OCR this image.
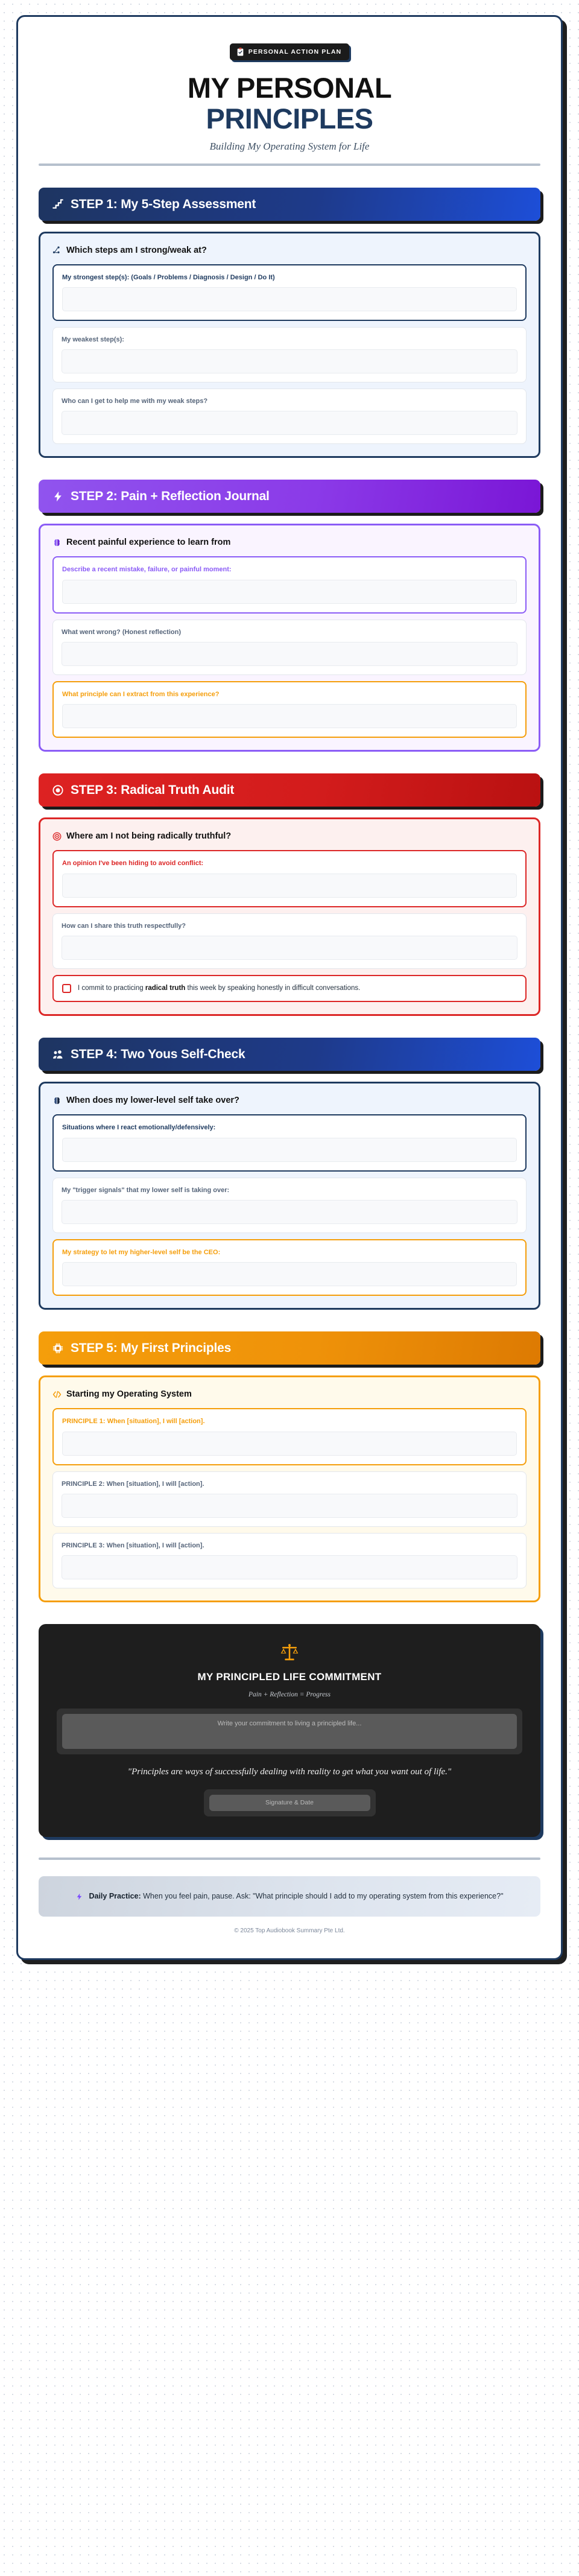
PERSONAL ACTION PLAN
MY PERSONAL
PRINCIPLES
Building My Operating System for Life
STEP 1: My 5-Step Assessment
Which steps am I strong/weak at?
My strongest step(s): (Goals / Problems / Diagnosis / Design / Do It)
My weakest step(s):
Who can I get to help me with my weak steps?
STEP 2: Pain + Reflection Journal
Recent painful experience to learn from
Describe a recent mistake, failure, or painful moment:
What went wrong? (Honest reflection)
What principle can I extract from this experience?
STEP 3: Radical Truth Audit
Where am I not being radically truthful?
An opinion I've been hiding to avoid conflict:
How can I share this truth respectfully?
I commit to practicing radical truth this week by speaking honestly in difficult conversations.
STEP 4: Two Yous Self-Check
When does my lower-level self take over?
Situations where I react emotionally/defensively:
My "trigger signals" that my lower self is taking over:
My strategy to let my higher-level self be the CEO:
STEP 5: My First Principles
Starting my Operating System
PRINCIPLE 1: When [situation], I will [action].
PRINCIPLE 2: When [situation], I will [action].
PRINCIPLE 3: When [situation], I will [action].
MY PRINCIPLED LIFE COMMITMENT
Pain + Reflection = Progress
Write your commitment to living a principled life...
"Principles are ways of successfully dealing with reality to get what you want out of life."
Signature & Date
Daily Practice: When you feel pain, pause. Ask: "What principle should I add to my operating system from this experience?"
© 2025 Top Audiobook Summary Pte Ltd.
